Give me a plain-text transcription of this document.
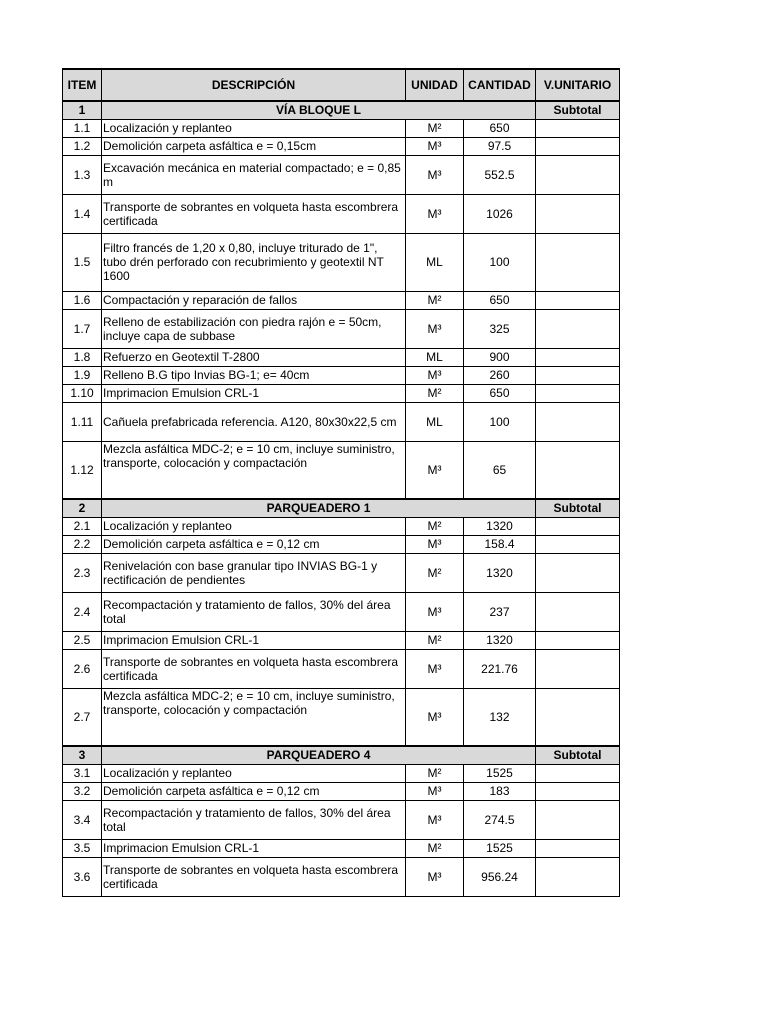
ITEM	DESCRIPCIÓN	UNIDAD	CANTIDAD	V.UNITARIO
1	VÍA BLOQUE L			Subtotal
1.1	Localización y replanteo	M²	650	
1.2	Demolición carpeta asfáltica e = 0,15cm	M³	97.5	
1.3	Excavación mecánica en material compactado; e = 0,85 m	M³	552.5	
1.4	Transporte de sobrantes en volqueta hasta escombrera certificada	M³	1026	
1.5	Filtro francés de 1,20 x 0,80, incluye triturado de 1", tubo drén perforado con recubrimiento y geotextil NT 1600	ML	100	
1.6	Compactación y reparación de fallos	M²	650	
1.7	Relleno de estabilización con piedra rajón e = 50cm, incluye capa de subbase	M³	325	
1.8	Refuerzo en Geotextil T-2800	ML	900	
1.9	Relleno B.G tipo Invias BG-1; e= 40cm	M³	260	
1.10	Imprimacion Emulsion CRL-1	M²	650	
1.11	Cañuela prefabricada referencia. A120, 80x30x22,5 cm	ML	100	
1.12	Mezcla asfáltica MDC-2; e = 10 cm, incluye suministro, transporte, colocación y compactación	M³	65	
2	PARQUEADERO 1			Subtotal
2.1	Localización y replanteo	M²	1320	
2.2	Demolición carpeta asfáltica e = 0,12 cm	M³	158.4	
2.3	Renivelación con base granular tipo INVIAS BG-1 y rectificación de pendientes	M²	1320	
2.4	Recompactación y tratamiento de fallos, 30% del área total	M³	237	
2.5	Imprimacion Emulsion CRL-1	M²	1320	
2.6	Transporte de sobrantes en volqueta hasta escombrera certificada	M³	221.76	
2.7	Mezcla asfáltica MDC-2; e = 10 cm, incluye suministro, transporte, colocación y compactación	M³	132	
3	PARQUEADERO 4			Subtotal
3.1	Localización y replanteo	M²	1525	
3.2	Demolición carpeta asfáltica e = 0,12 cm	M³	183	
3.4	Recompactación y tratamiento de fallos, 30% del área total	M³	274.5	
3.5	Imprimacion Emulsion CRL-1	M²	1525	
3.6	Transporte de sobrantes en volqueta hasta escombrera certificada	M³	956.24	
